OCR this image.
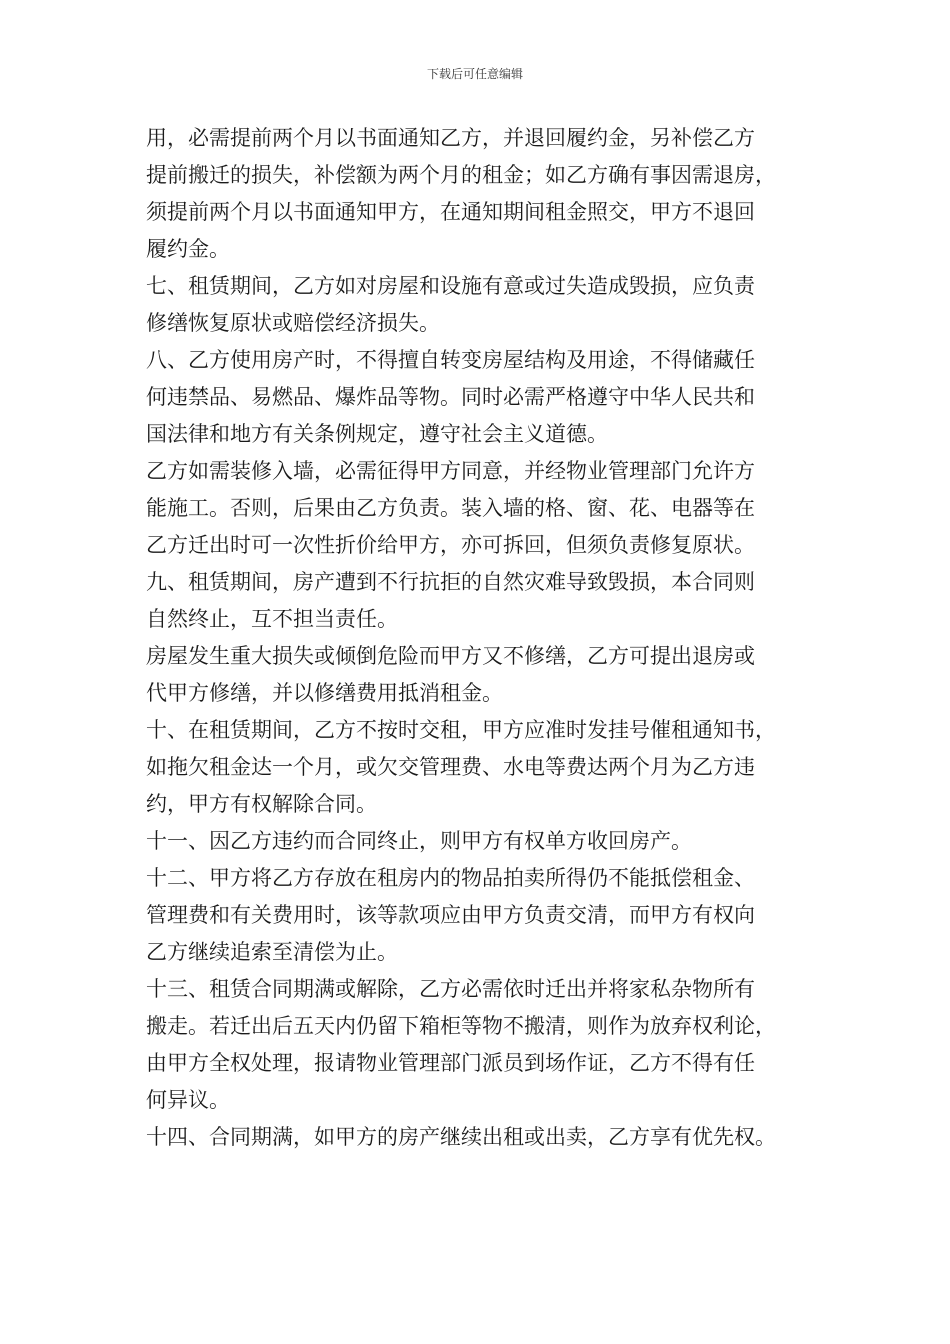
下载后可任意编辑
用，必需提前两个月以书面通知乙方，并退回履约金，另补偿乙方
提前搬迁的损失，补偿额为两个月的租金；如乙方确有事因需退房，
须提前两个月以书面通知甲方，在通知期间租金照交，甲方不退回
履约金。
七、租赁期间，乙方如对房屋和设施有意或过失造成毁损，应负责
修缮恢复原状或赔偿经济损失。
八、乙方使用房产时，不得擅自转变房屋结构及用途，不得储藏任
何违禁品、易燃品、爆炸品等物。同时必需严格遵守中华人民共和
国法律和地方有关条例规定，遵守社会主义道德。
乙方如需装修入墙，必需征得甲方同意，并经物业管理部门允许方
能施工。否则，后果由乙方负责。装入墙的格、窗、花、电器等在
乙方迁出时可一次性折价给甲方，亦可拆回，但须负责修复原状。
九、租赁期间，房产遭到不行抗拒的自然灾难导致毁损，本合同则
自然终止，互不担当责任。
房屋发生重大损失或倾倒危险而甲方又不修缮，乙方可提出退房或
代甲方修缮，并以修缮费用抵消租金。
十、在租赁期间，乙方不按时交租，甲方应准时发挂号催租通知书，
如拖欠租金达一个月，或欠交管理费、水电等费达两个月为乙方违
约，甲方有权解除合同。
十一、因乙方违约而合同终止，则甲方有权单方收回房产。
十二、甲方将乙方存放在租房内的物品拍卖所得仍不能抵偿租金、
管理费和有关费用时，该等款项应由甲方负责交清，而甲方有权向
乙方继续追索至清偿为止。
十三、租赁合同期满或解除，乙方必需依时迁出并将家私杂物所有
搬走。若迁出后五天内仍留下箱柜等物不搬清，则作为放弃权利论，
由甲方全权处理，报请物业管理部门派员到场作证，乙方不得有任
何异议。
十四、合同期满，如甲方的房产继续出租或出卖，乙方享有优先权。
